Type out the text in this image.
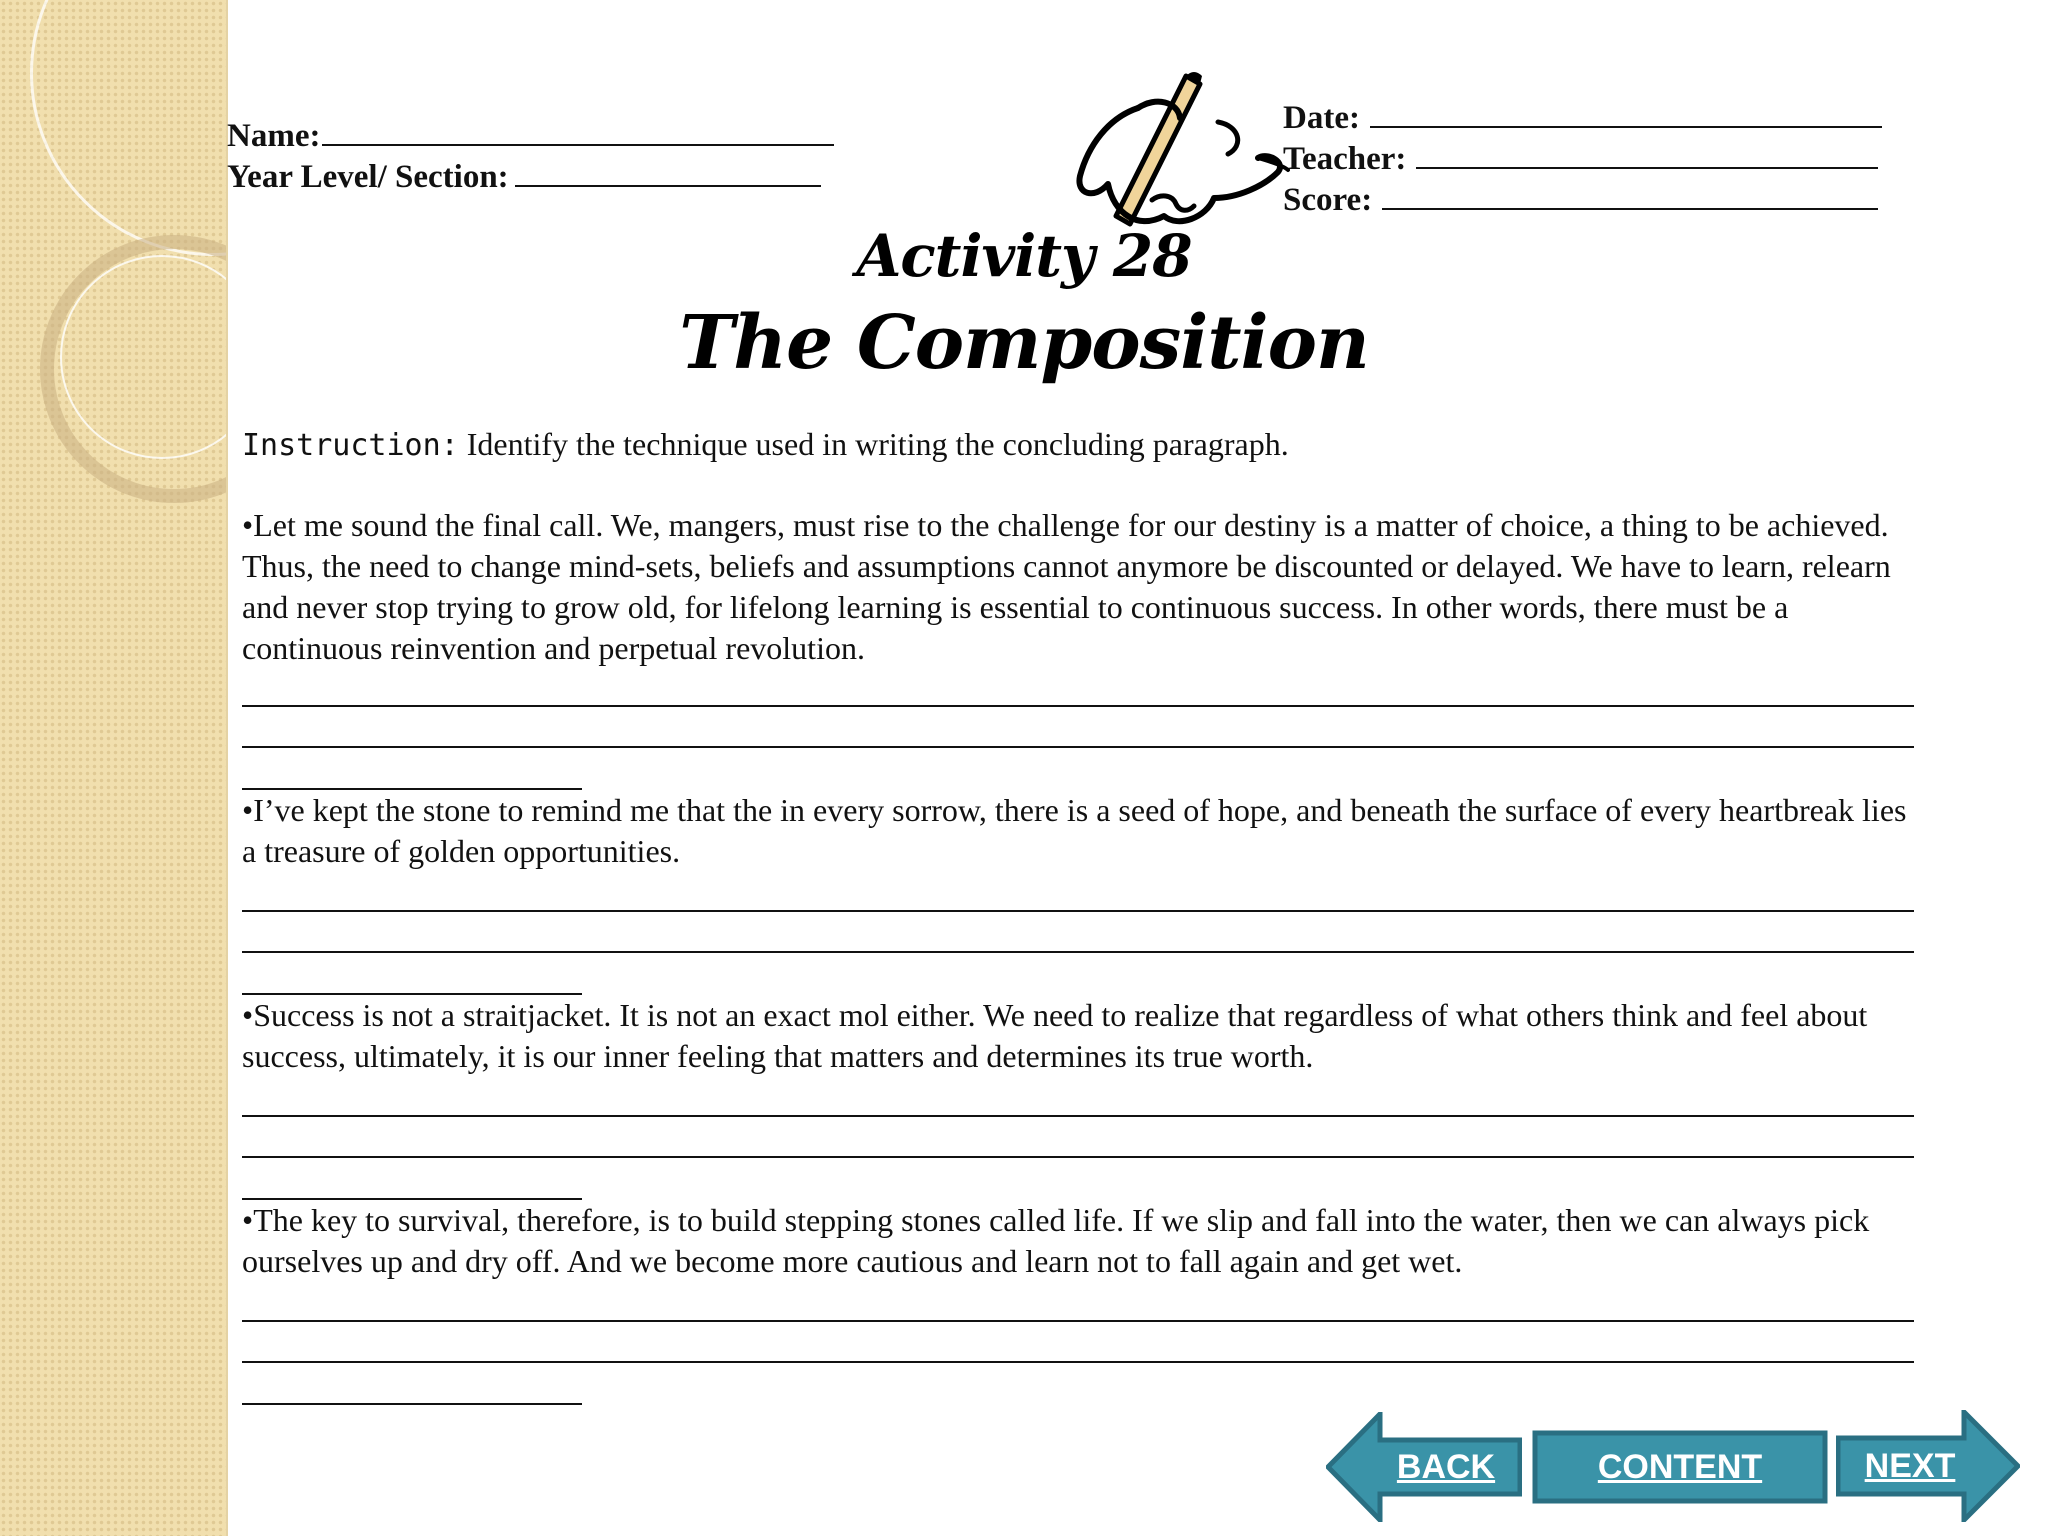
Name:
Year Level/ Section:
Date:
Teacher:
Score:
Activity 28
The Composition
Instruction: Identify the technique used in writing the concluding paragraph.

•Let me sound the final call. We, mangers, must rise to the challenge for our destiny is a matter of choice, a thing to be achieved. Thus, the need to change mind-sets, beliefs and assumptions cannot anymore be discounted or delayed. We have to learn, relearn and never stop trying to grow old, for lifelong learning is essential to continuous success. In other words, there must be a continuous reinvention and perpetual revolution.

•I’ve kept the stone to remind me that the in every sorrow, there is a seed of hope, and beneath the surface of every heartbreak lies a treasure of golden opportunities.

•Success is not a straitjacket. It is not an exact mol either. We need to realize that regardless of what others think and feel about success, ultimately, it is our inner feeling that matters and determines its true worth.

•The key to survival, therefore, is to build stepping stones called life. If we slip and fall into the water, then we can always pick ourselves up and dry off. And we become more cautious and learn not to fall again and get wet.

BACK	CONTENT	NEXT
